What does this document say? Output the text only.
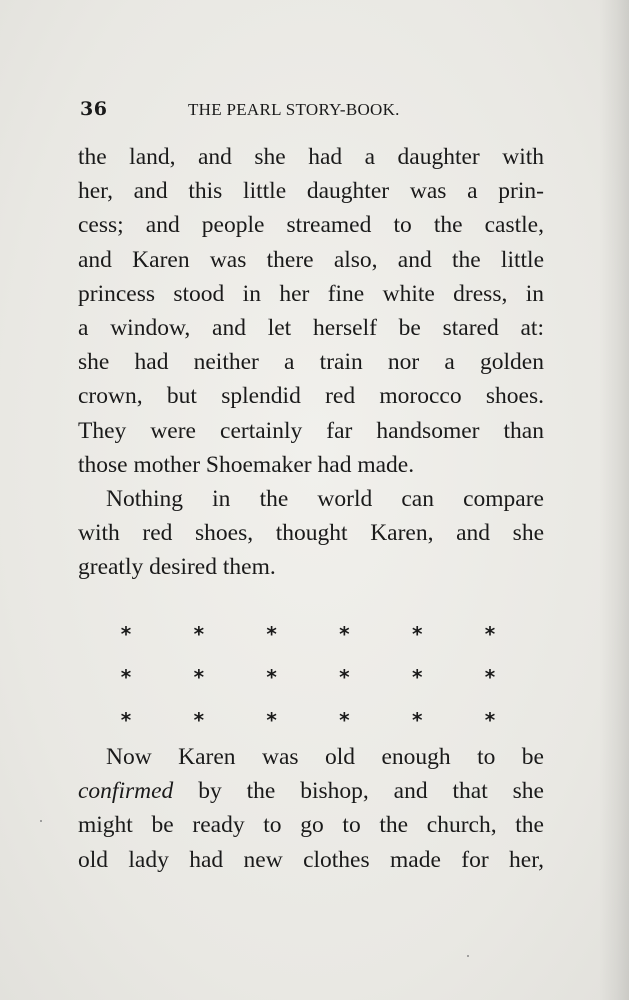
36	THE PEARL STORY-BOOK.
the land, and she had a daughter with
her, and this little daughter was a prin-
cess; and people streamed to the castle,
and Karen was there also, and the little
princess stood in her fine white dress, in
a window, and let herself be stared at:
she had neither a train nor a golden
crown, but splendid red morocco shoes.
They were certainly far handsomer than
those mother Shoemaker had made.
Nothing in the world can compare
with red shoes, thought Karen, and she
greatly desired them.
*	*	*	*	*	*
*	*	*	*	*	*
*	*	*	*	*	*
Now Karen was old enough to be
confirmed by the bishop, and that she
might be ready to go to the church, the
old lady had new clothes made for her,
